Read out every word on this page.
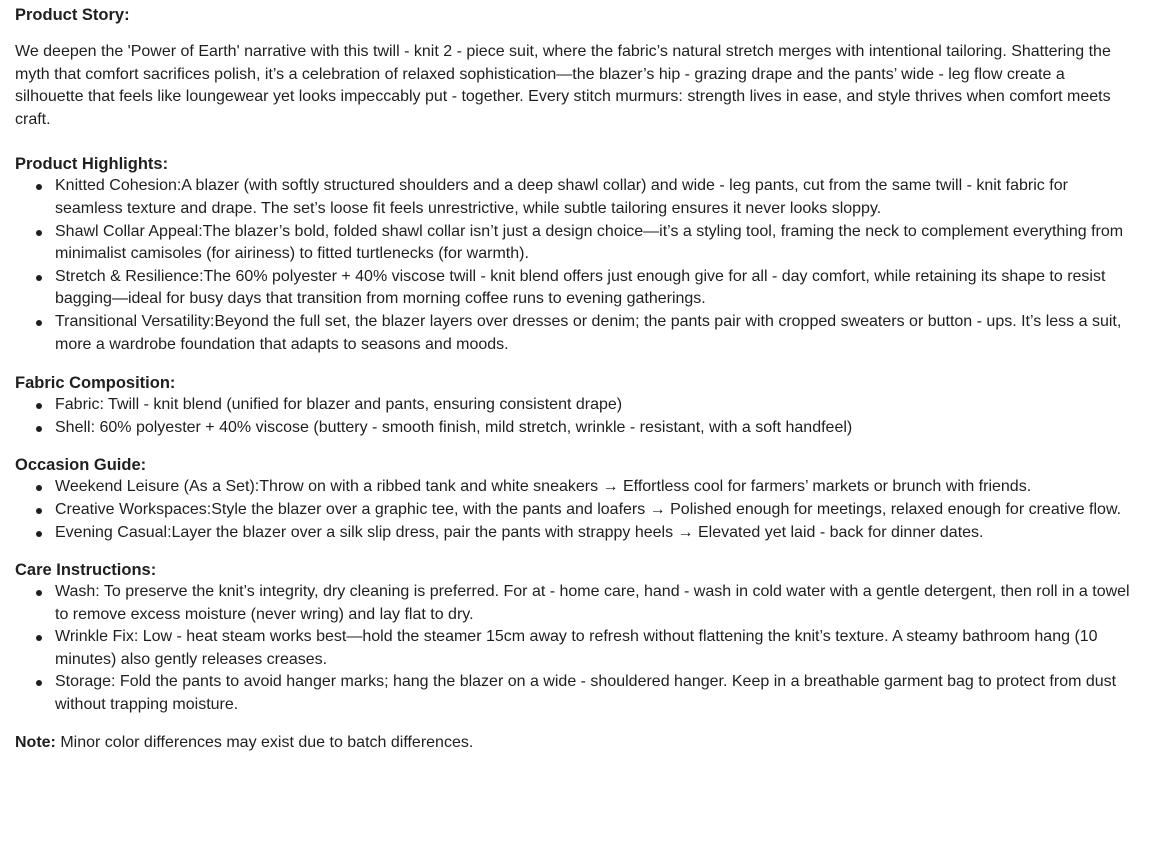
Product Story:

We deepen the 'Power of Earth' narrative with this twill - knit 2 - piece suit, where the fabric’s natural stretch merges with intentional tailoring. Shattering the myth that comfort sacrifices polish, it’s a celebration of relaxed sophistication—the blazer’s hip - grazing drape and the pants’ wide - leg flow create a silhouette that feels like loungewear yet looks impeccably put - together. Every stitch murmurs: strength lives in ease, and style thrives when comfort meets craft.

Product Highlights:

Knitted Cohesion:A blazer (with softly structured shoulders and a deep shawl collar) and wide - leg pants, cut from the same twill - knit fabric for seamless texture and drape. The set’s loose fit feels unrestrictive, while subtle tailoring ensures it never looks sloppy.
Shawl Collar Appeal:The blazer’s bold, folded shawl collar isn’t just a design choice—it’s a styling tool, framing the neck to complement everything from minimalist camisoles (for airiness) to fitted turtlenecks (for warmth).
Stretch & Resilience:The 60% polyester + 40% viscose twill - knit blend offers just enough give for all - day comfort, while retaining its shape to resist bagging—ideal for busy days that transition from morning coffee runs to evening gatherings.
Transitional Versatility:Beyond the full set, the blazer layers over dresses or denim; the pants pair with cropped sweaters or button - ups. It’s less a suit, more a wardrobe foundation that adapts to seasons and moods.

Fabric Composition:

Fabric: Twill - knit blend (unified for blazer and pants, ensuring consistent drape)
Shell: 60% polyester + 40% viscose (buttery - smooth finish, mild stretch, wrinkle - resistant, with a soft handfeel)

Occasion Guide:

Weekend Leisure (As a Set):Throw on with a ribbed tank and white sneakers → Effortless cool for farmers’ markets or brunch with friends.
Creative Workspaces:Style the blazer over a graphic tee, with the pants and loafers → Polished enough for meetings, relaxed enough for creative flow.
Evening Casual:Layer the blazer over a silk slip dress, pair the pants with strappy heels → Elevated yet laid - back for dinner dates.

Care Instructions:

Wash: To preserve the knit’s integrity, dry cleaning is preferred. For at - home care, hand - wash in cold water with a gentle detergent, then roll in a towel to remove excess moisture (never wring) and lay flat to dry.
Wrinkle Fix: Low - heat steam works best—hold the steamer 15cm away to refresh without flattening the knit’s texture. A steamy bathroom hang (10 minutes) also gently releases creases.
Storage: Fold the pants to avoid hanger marks; hang the blazer on a wide - shouldered hanger. Keep in a breathable garment bag to protect from dust without trapping moisture.

Note: Minor color differences may exist due to batch differences.
